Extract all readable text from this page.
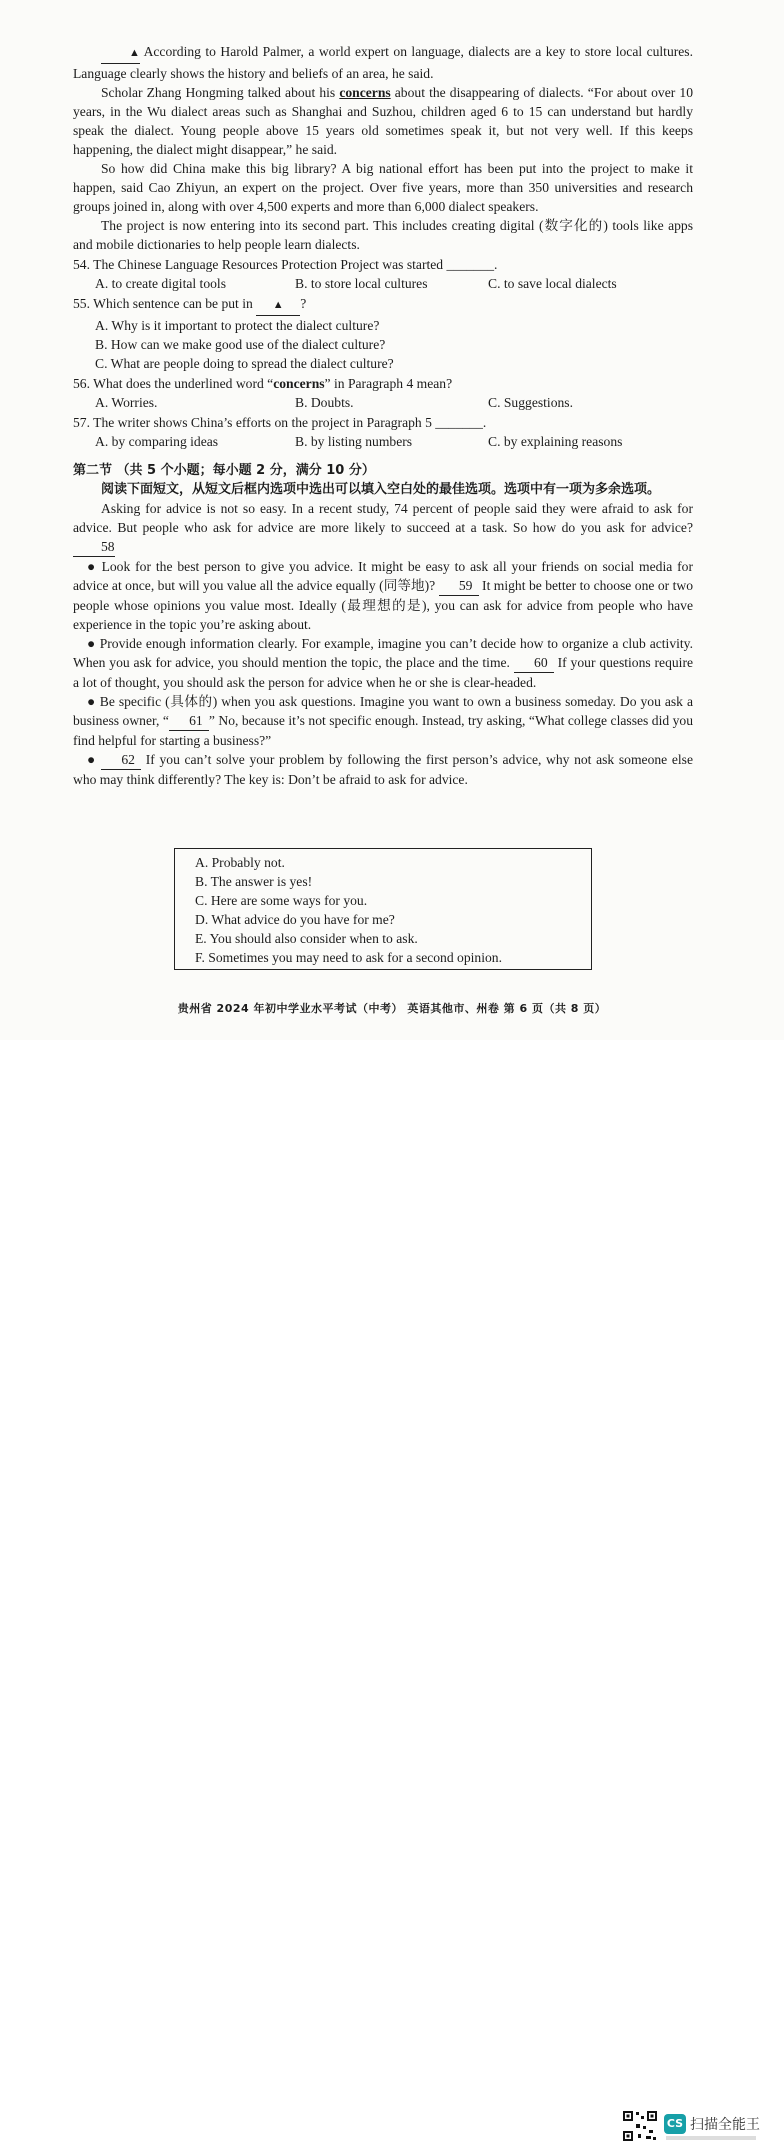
▲ According to Harold Palmer, a world expert on language, dialects are a key to store local cultures. Language clearly shows the history and beliefs of an area, he said.

Scholar Zhang Hongming talked about his concerns about the disappearing of dialects. “For about over 10 years, in the Wu dialect areas such as Shanghai and Suzhou, children aged 6 to 15 can understand but hardly speak the dialect. Young people above 15 years old sometimes speak it, but not very well. If this keeps happening, the dialect might disappear,” he said.

So how did China make this big library? A big national effort has been put into the project to make it happen, said Cao Zhiyun, an expert on the project. Over five years, more than 350 universities and research groups joined in, along with over 4,500 experts and more than 6,000 dialect speakers.

The project is now entering into its second part. This includes creating digital (数字化的) tools like apps and mobile dictionaries to help people learn dialects.

54. The Chinese Language Resources Protection Project was started _______.

A. to create digital tools	B. to store local cultures	C. to save local dialects

55. Which sentence can be put in ▲ ?

A. Why is it important to protect the dialect culture?

B. How can we make good use of the dialect culture?

C. What are people doing to spread the dialect culture?

56. What does the underlined word “concerns” in Paragraph 4 mean?

A. Worries.	B. Doubts.	C. Suggestions.

57. The writer shows China’s efforts on the project in Paragraph 5 _______.

A. by comparing ideas	B. by listing numbers	C. by explaining reasons

第二节 （共 5 个小题；每小题 2 分，满分 10 分）

阅读下面短文，从短文后框内选项中选出可以填入空白处的最佳选项。选项中有一项为多余选项。

Asking for advice is not so easy. In a recent study, 74 percent of people said they were afraid to ask for advice. But people who ask for advice are more likely to succeed at a task. So how do you ask for advice? 58

● Look for the best person to give you advice. It might be easy to ask all your friends on social media for advice at once, but will you value all the advice equally (同等地)? 59 It might be better to choose one or two people whose opinions you value most. Ideally (最理想的是), you can ask for advice from people who have experience in the topic you’re asking about.

● Provide enough information clearly. For example, imagine you can’t decide how to organize a club activity. When you ask for advice, you should mention the topic, the place and the time. 60 If your questions require a lot of thought, you should ask the person for advice when he or she is clear-headed.

● Be specific (具体的) when you ask questions. Imagine you want to own a business someday. Do you ask a business owner, “ 61 ” No, because it’s not specific enough. Instead, try asking, “What college classes did you find helpful for starting a business?”

● 62 If you can’t solve your problem by following the first person’s advice, why not ask someone else who may think differently? The key is: Don’t be afraid to ask for advice.

A. Probably not.
B. The answer is yes!
C. Here are some ways for you.
D. What advice do you have for me?
E. You should also consider when to ask.
F. Sometimes you may need to ask for a second opinion.
贵州省 2024 年初中学业水平考试（中考） 英语其他市、州卷 第 6 页（共 8 页）
CS 扫描全能王
